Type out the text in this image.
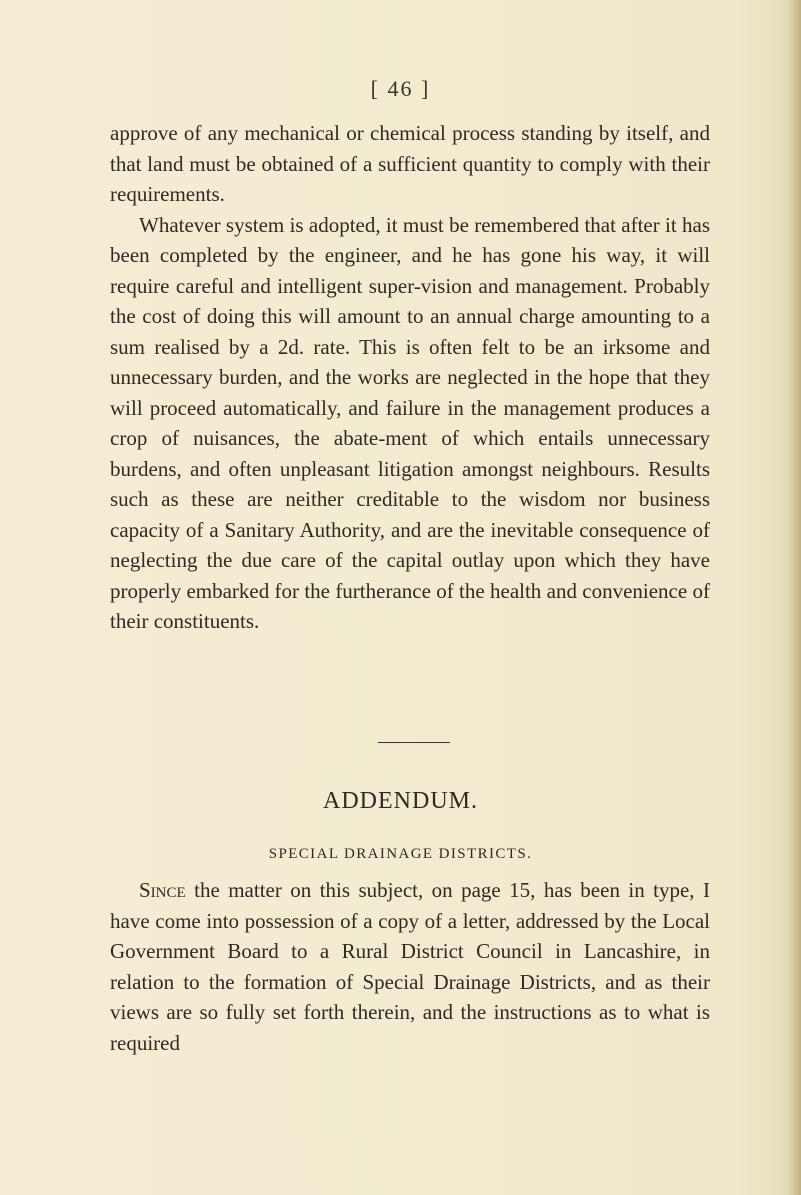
[ 46 ]

approve of any mechanical or chemical process standing by itself, and that land must be obtained of a sufficient quantity to comply with their requirements.

Whatever system is adopted, it must be remembered that after it has been completed by the engineer, and he has gone his way, it will require careful and intelligent super-vision and management. Probably the cost of doing this will amount to an annual charge amounting to a sum realised by a 2d. rate. This is often felt to be an irksome and unnecessary burden, and the works are neglected in the hope that they will proceed automatically, and failure in the management produces a crop of nuisances, the abate-ment of which entails unnecessary burdens, and often unpleasant litigation amongst neighbours. Results such as these are neither creditable to the wisdom nor business capacity of a Sanitary Authority, and are the inevitable consequence of neglecting the due care of the capital outlay upon which they have properly embarked for the furtherance of the health and convenience of their constituents.

ADDENDUM.
SPECIAL DRAINAGE DISTRICTS.

Since the matter on this subject, on page 15, has been in type, I have come into possession of a copy of a letter, addressed by the Local Government Board to a Rural District Council in Lancashire, in relation to the formation of Special Drainage Districts, and as their views are so fully set forth therein, and the instructions as to what is required
